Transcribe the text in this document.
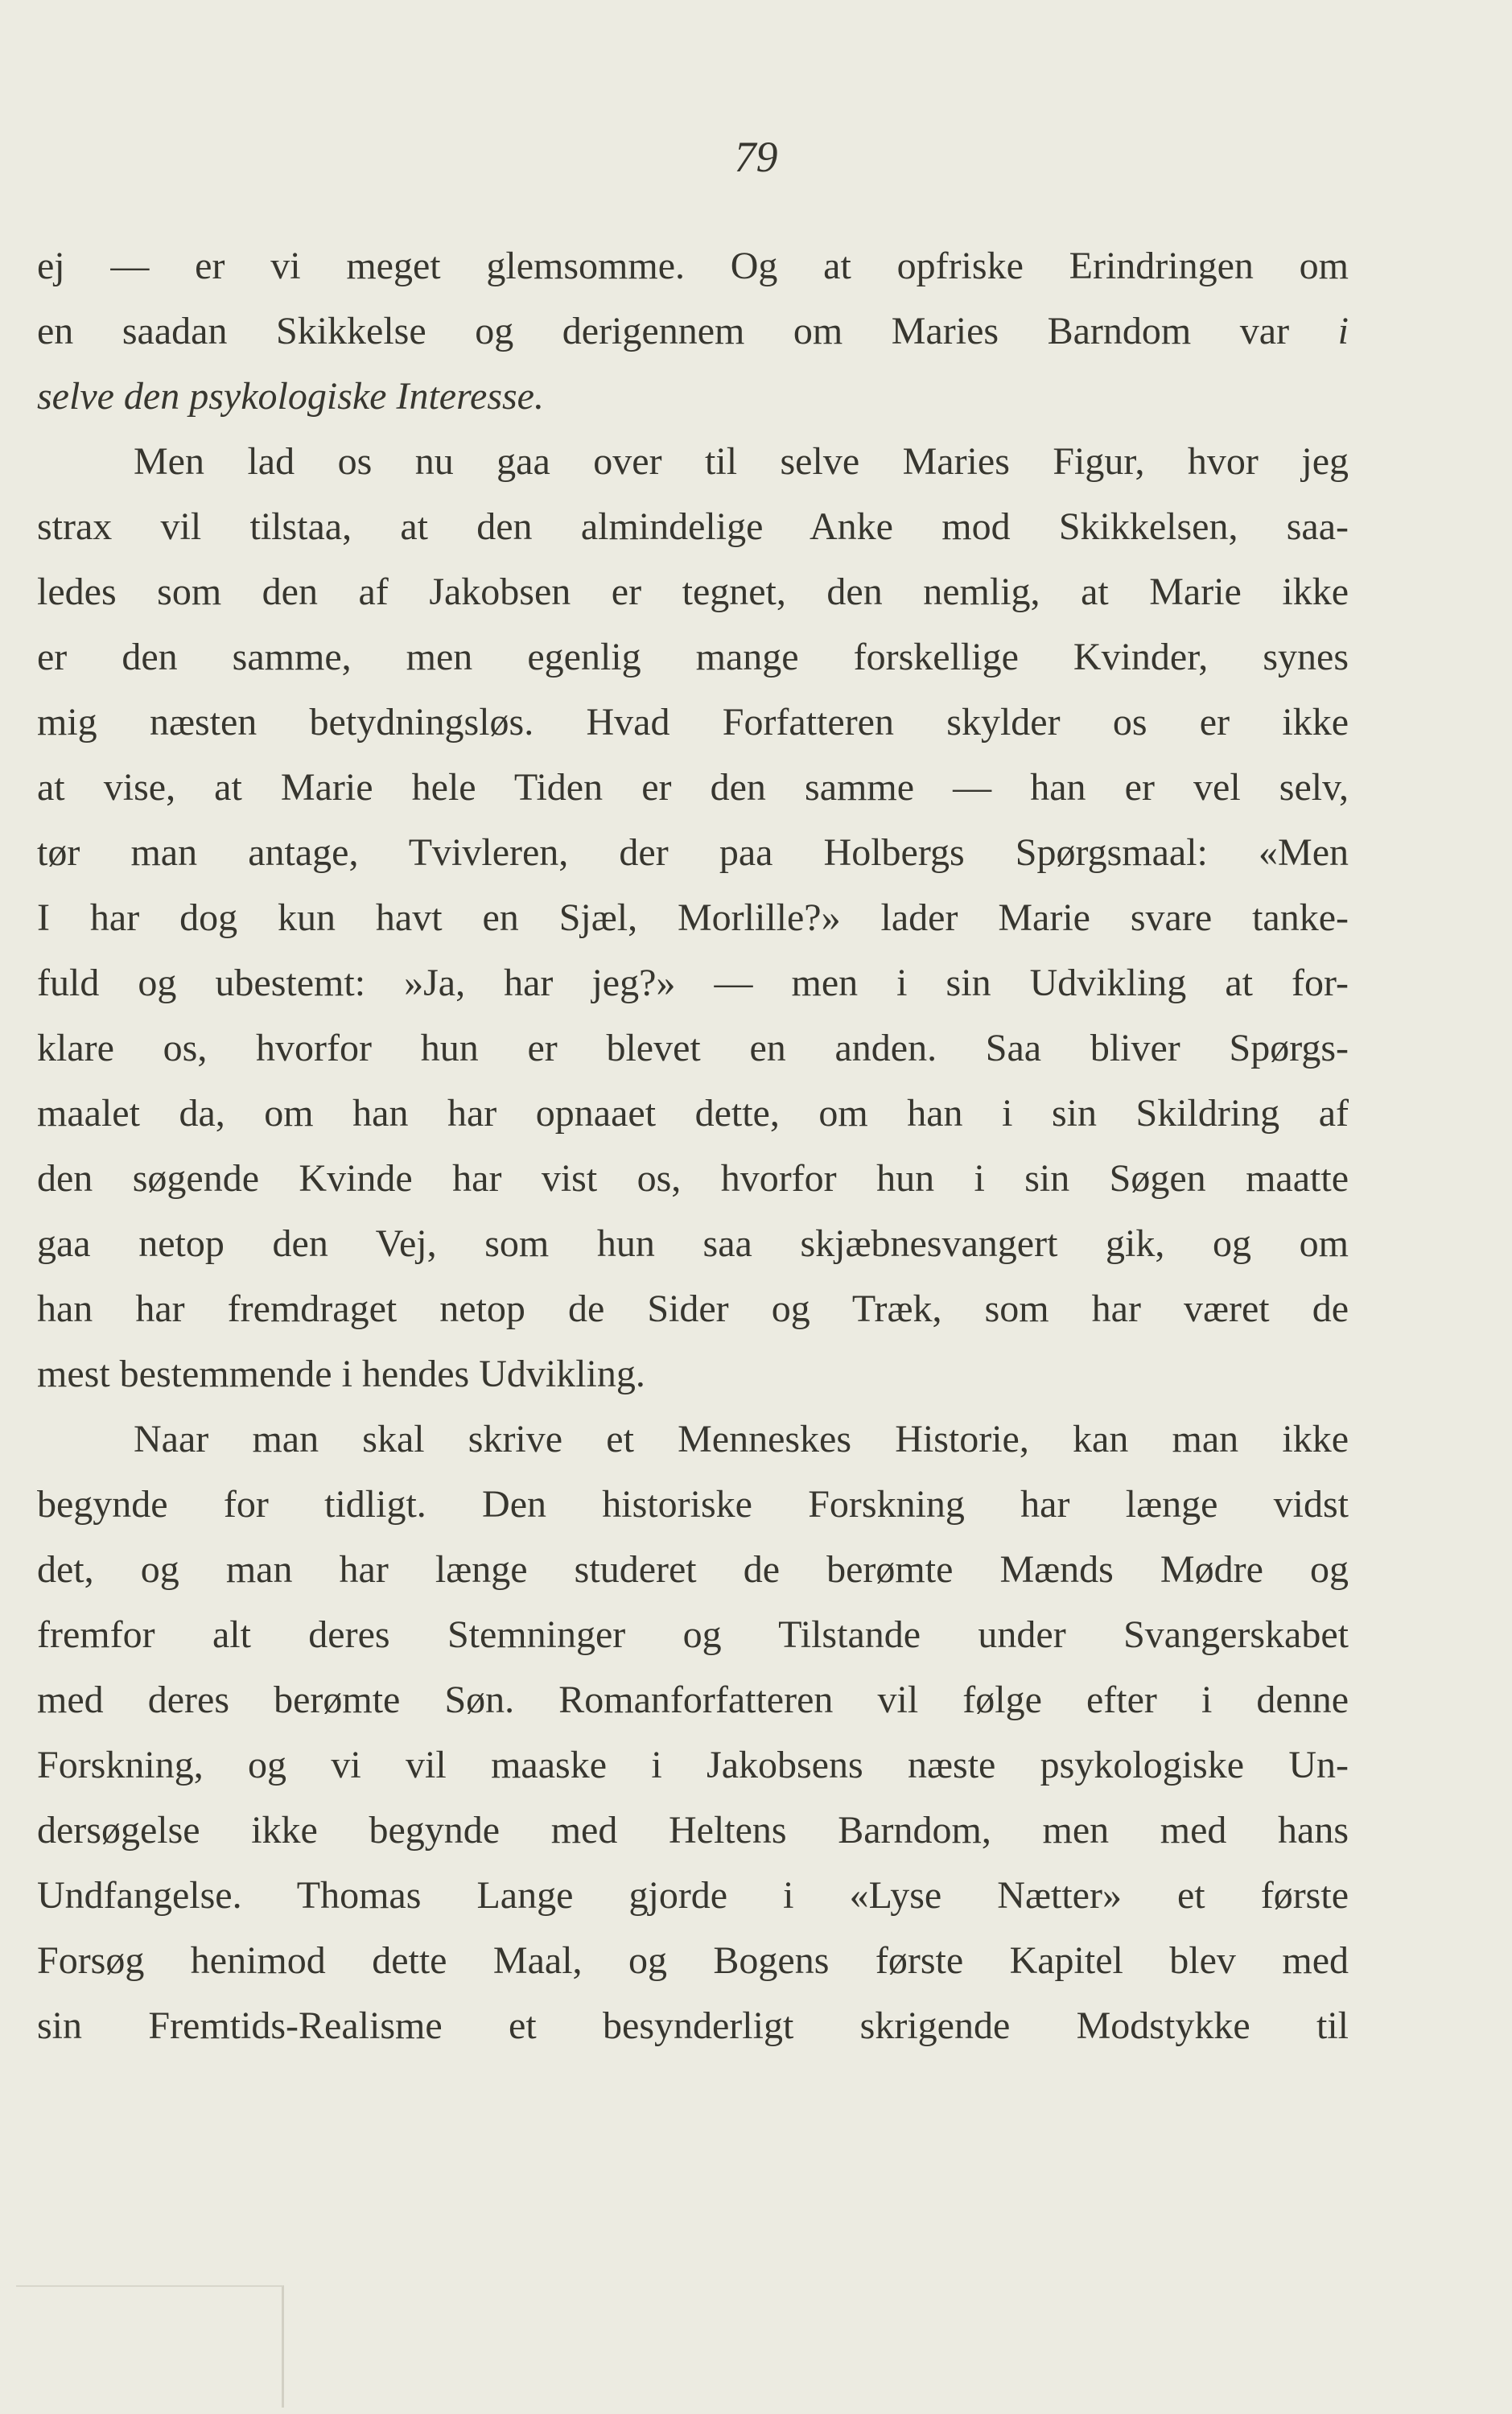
79
ej — er vi meget glemsomme. Og at opfriske Erindringen om
en saadan Skikkelse og derigennem om Maries Barndom var i
selve den psykologiske Interesse.
Men lad os nu gaa over til selve Maries Figur, hvor jeg
strax vil tilstaa, at den almindelige Anke mod Skikkelsen, saa-
ledes som den af Jakobsen er tegnet, den nemlig, at Marie ikke
er den samme, men egenlig mange forskellige Kvinder, synes
mig næsten betydningsløs. Hvad Forfatteren skylder os er ikke
at vise, at Marie hele Tiden er den samme — han er vel selv,
tør man antage, Tvivleren, der paa Holbergs Spørgsmaal: «Men
I har dog kun havt en Sjæl, Morlille?» lader Marie svare tanke-
fuld og ubestemt: »Ja, har jeg?» — men i sin Udvikling at for-
klare os, hvorfor hun er blevet en anden. Saa bliver Spørgs-
maalet da, om han har opnaaet dette, om han i sin Skildring af
den søgende Kvinde har vist os, hvorfor hun i sin Søgen maatte
gaa netop den Vej, som hun saa skjæbnesvangert gik, og om
han har fremdraget netop de Sider og Træk, som har været de
mest bestemmende i hendes Udvikling.
Naar man skal skrive et Menneskes Historie, kan man ikke
begynde for tidligt. Den historiske Forskning har længe vidst
det, og man har længe studeret de berømte Mænds Mødre og
fremfor alt deres Stemninger og Tilstande under Svangerskabet
med deres berømte Søn. Romanforfatteren vil følge efter i denne
Forskning, og vi vil maaske i Jakobsens næste psykologiske Un-
dersøgelse ikke begynde med Heltens Barndom, men med hans
Undfangelse. Thomas Lange gjorde i «Lyse Nætter» et første
Forsøg henimod dette Maal, og Bogens første Kapitel blev med
sin Fremtids-Realisme et besynderligt skrigende Modstykke til
